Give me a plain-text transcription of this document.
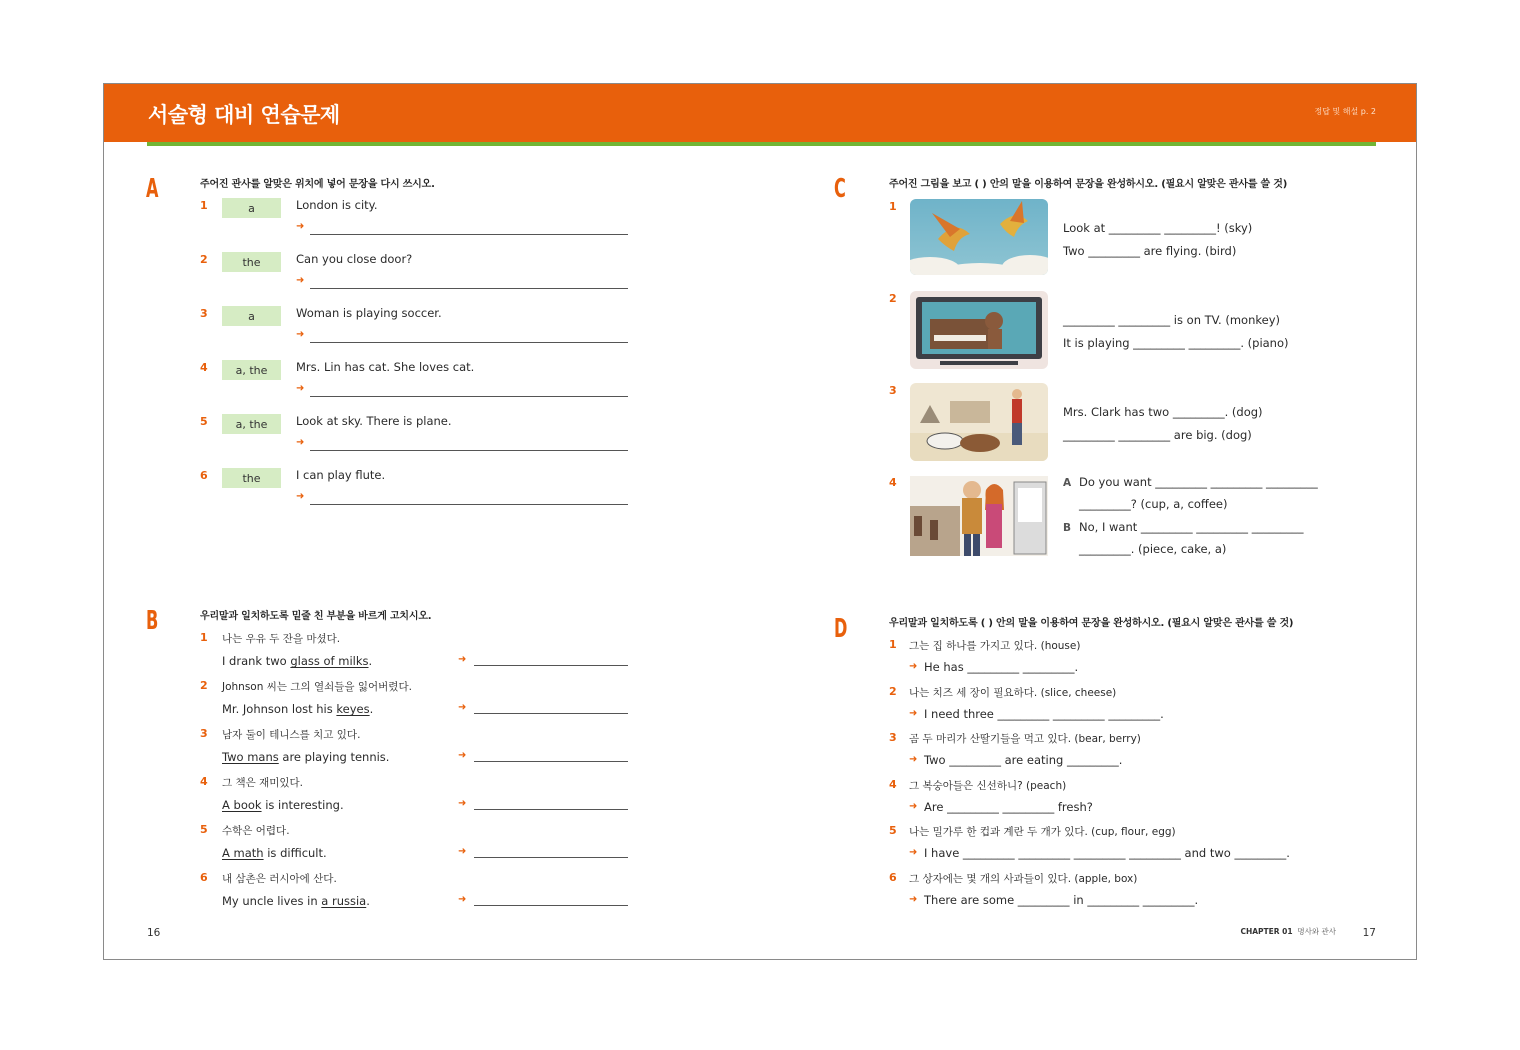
서술형 대비 연습문제	정답 및 해설 p. 2
A	주어진 관사를 알맞은 위치에 넣어 문장을 다시 쓰시오.
1	a	London is city.
➜
2	the	Can you close door?
➜
3	a	Woman is playing soccer.
➜
4	a, the	Mrs. Lin has cat. She loves cat.
➜
5	a, the	Look at sky. There is plane.
➜
6	the	I can play flute.
➜
B	우리말과 일치하도록 밑줄 친 부분을 바르게 고치시오.
1 나는 우유 두 잔을 마셨다.
I drank two glass of milks.	➜
2 Johnson 씨는 그의 열쇠들을 잃어버렸다.
Mr. Johnson lost his keyes.	➜
3 남자 둘이 테니스를 치고 있다.
Two mans are playing tennis.	➜
4 그 책은 재미있다.
A book is interesting.	➜
5 수학은 어렵다.
A math is difficult.	➜
6 내 삼촌은 러시아에 산다.
My uncle lives in a russia.	➜
C	주어진 그림을 보고 ( ) 안의 말을 이용하여 문장을 완성하시오. (필요시 알맞은 관사를 쓸 것)
1
Look at _________ _________! (sky)
Two _________ are flying. (bird)
2
_________ _________ is on TV. (monkey)
It is playing _________ _________. (piano)
3
Mrs. Clark has two _________. (dog)
_________ _________ are big. (dog)
4	A Do you want _________ _________ _________
_________? (cup, a, coffee)
B No, I want _________ _________ _________
_________. (piece, cake, a)
D	우리말과 일치하도록 ( ) 안의 말을 이용하여 문장을 완성하시오. (필요시 알맞은 관사를 쓸 것)
1 그는 집 하나를 가지고 있다. (house)
➜ He has _________ _________.
2 나는 치즈 세 장이 필요하다. (slice, cheese)
➜ I need three _________ _________ _________.
3 곰 두 마리가 산딸기들을 먹고 있다. (bear, berry)
➜ Two _________ are eating _________.
4 그 복숭아들은 신선하니? (peach)
➜ Are _________ _________ fresh?
5 나는 밀가루 한 컵과 계란 두 개가 있다. (cup, flour, egg)
➜ I have _________ _________ _________ _________ and two _________.
6 그 상자에는 몇 개의 사과들이 있다. (apple, box)
➜ There are some _________ in _________ _________.
16	CHAPTER 01 명사와 관사	17
